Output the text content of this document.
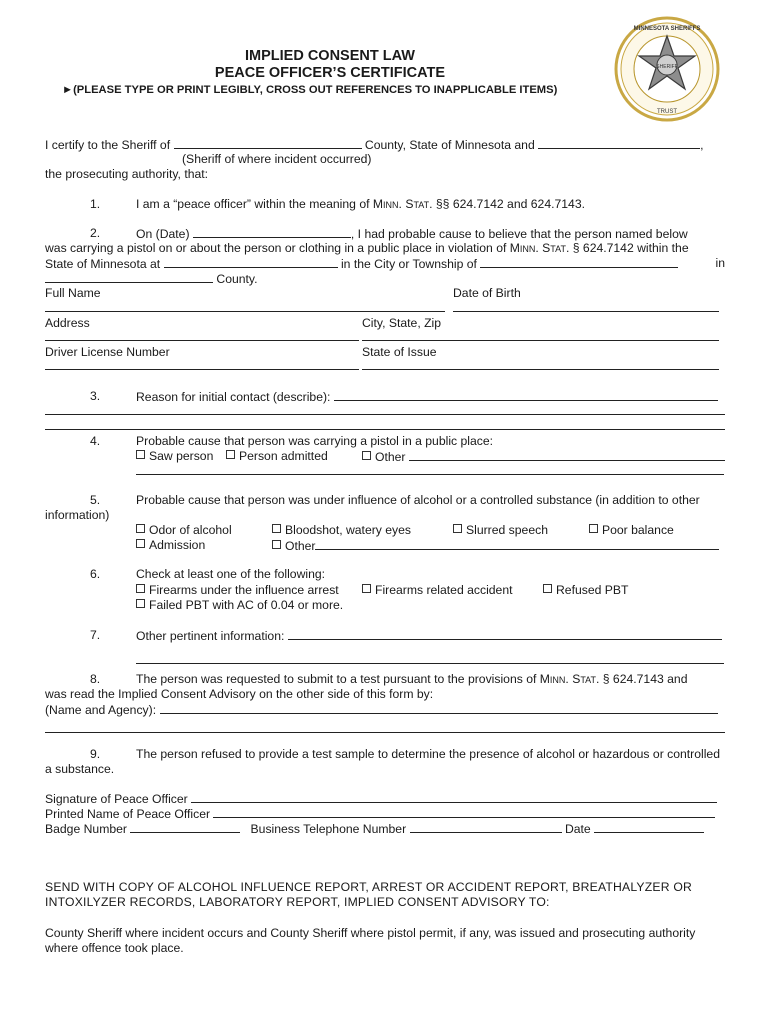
IMPLIED CONSENT LAW
PEACE OFFICER’S CERTIFICATE
►(PLEASE TYPE OR PRINT LEGIBLY, CROSS OUT REFERENCES TO INAPPLICABLE ITEMS)
SHERIFF
MINNESOTA SHERIFFS
TRUST
I certify to the Sheriff of	County, State of Minnesota and	,
(Sheriff of where incident occurred)
the prosecuting authority, that:
1.	I am a “peace officer” within the meaning of Minn. Stat. §§ 624.7142 and 624.7143.
2.	On (Date)	, I had probable cause to believe that the person named below
was carrying a pistol on or about the person or clothing in a public place in violation of Minn. Stat. § 624.7142 within the
State of Minnesota at	in the City or Township of	in
County.
Full Name	Date of Birth
Address	City, State, Zip
Driver License Number	State of Issue
3.	Reason for initial contact (describe):
4.	Probable cause that person was carrying a pistol in a public place:
Saw person	Person admitted	Other
5.	Probable cause that person was under influence of alcohol or a controlled substance (in addition to other
information)
Odor of alcohol	Bloodshot, watery eyes	Slurred speech	Poor balance
Admission	Other
6.	Check at least one of the following:
Firearms under the influence arrest	Firearms related accident	Refused PBT
Failed PBT with AC of 0.04 or more.
7.	Other pertinent information:
8.	The person was requested to submit to a test pursuant to the provisions of Minn. Stat. § 624.7143 and
was read the Implied Consent Advisory on the other side of this form by:
(Name and Agency):
9.	The person refused to provide a test sample to determine the presence of alcohol or hazardous or controlled
a substance.
Signature of Peace Officer
Printed Name of Peace Officer
Badge Number	Business Telephone Number	Date
SEND WITH COPY OF ALCOHOL INFLUENCE REPORT, ARREST OR ACCIDENT REPORT, BREATHALYZER OR
INTOXILYZER RECORDS, LABORATORY REPORT, IMPLIED CONSENT ADVISORY TO:
County Sheriff where incident occurs and County Sheriff where pistol permit, if any, was issued and prosecuting authority
where offence took place.
